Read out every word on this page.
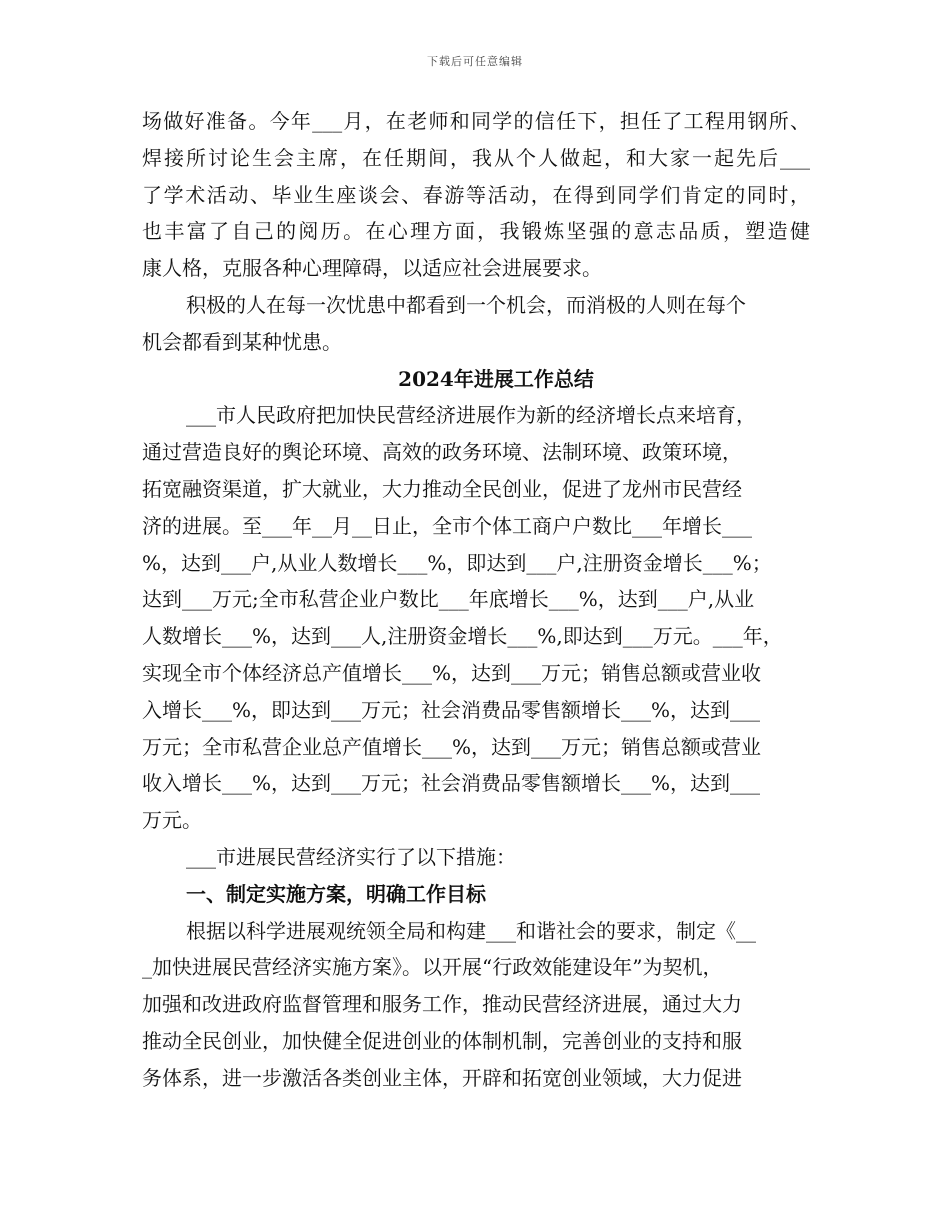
下载后可任意编辑
场做好准备。今年___月，在老师和同学的信任下，担任了工程用钢所、
焊接所讨论生会主席，在任期间，我从个人做起，和大家一起先后___
了学术活动、毕业生座谈会、春游等活动，在得到同学们肯定的同时，
也丰富了自己的阅历。在心理方面，我锻炼坚强的意志品质，塑造健
康人格，克服各种心理障碍，以适应社会进展要求。
积极的人在每一次忧患中都看到一个机会，而消极的人则在每个
机会都看到某种忧患。
2024年进展工作总结
___市人民政府把加快民营经济进展作为新的经济增长点来培育，
通过营造良好的舆论环境、高效的政务环境、法制环境、政策环境，
拓宽融资渠道，扩大就业，大力推动全民创业，促进了龙州市民营经
济的进展。至___年__月__日止，全市个体工商户户数比___年增长___
%，达到___户,从业人数增长___%，即达到___户,注册资金增长___%；
达到___万元;全市私营企业户数比___年底增长___%，达到___户,从业
人数增长___%，达到___人,注册资金增长___%,即达到___万元。___年，
实现全市个体经济总产值增长___%，达到___万元；销售总额或营业收
入增长___%，即达到___万元；社会消费品零售额增长___%，达到___
万元；全市私营企业总产值增长___%，达到___万元；销售总额或营业
收入增长___%，达到___万元；社会消费品零售额增长___%，达到___
万元。
___市进展民营经济实行了以下措施：
一、制定实施方案，明确工作目标
根据以科学进展观统领全局和构建___和谐社会的要求，制定《__
_加快进展民营经济实施方案》。以开展“行政效能建设年”为契机，
加强和改进政府监督管理和服务工作，推动民营经济进展，通过大力
推动全民创业，加快健全促进创业的体制机制，完善创业的支持和服
务体系，进一步激活各类创业主体，开辟和拓宽创业领域，大力促进
